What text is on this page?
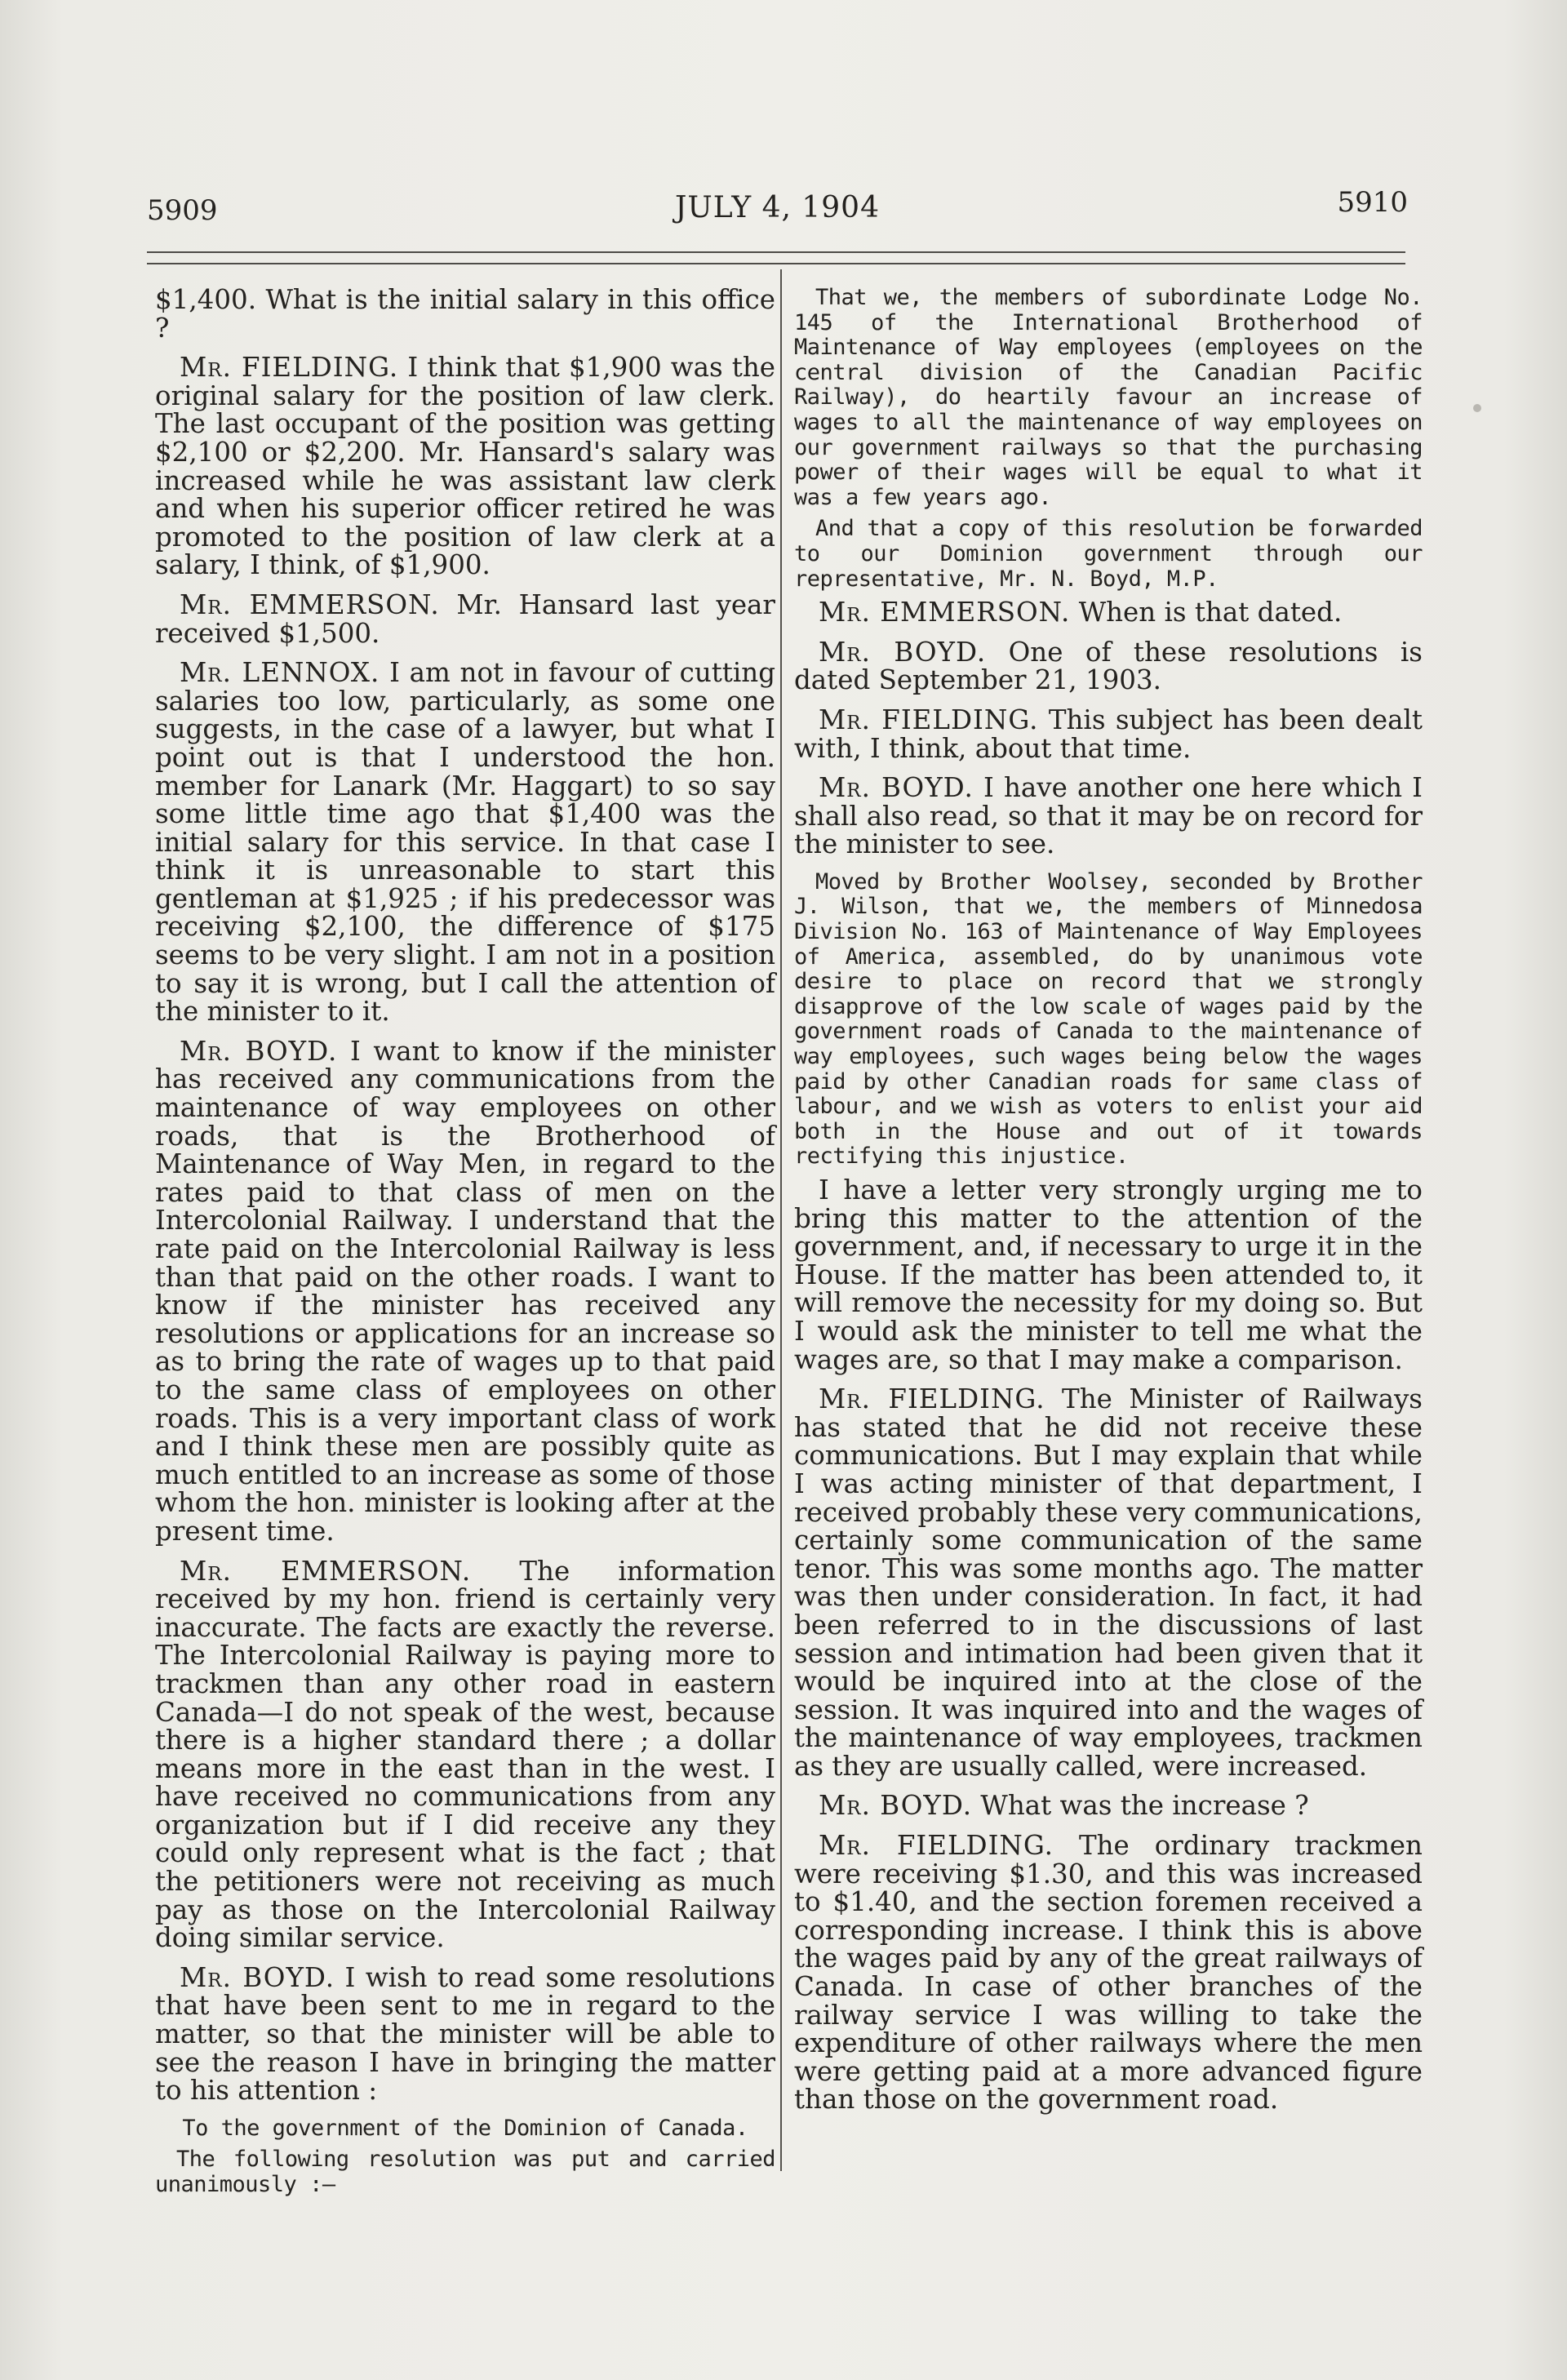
5909	JULY 4, 1904	5910
$1,400. What is the initial salary in this office ?
Mr. FIELDING. I think that $1,900 was the original salary for the position of law clerk. The last occupant of the position was getting $2,100 or $2,200. Mr. Hansard's salary was increased while he was assistant law clerk and when his superior officer retired he was promoted to the position of law clerk at a salary, I think, of $1,900.
Mr. EMMERSON. Mr. Hansard last year received $1,500.
Mr. LENNOX. I am not in favour of cutting salaries too low, particularly, as some one suggests, in the case of a lawyer, but what I point out is that I understood the hon. member for Lanark (Mr. Haggart) to so say some little time ago that $1,400 was the initial salary for this service. In that case I think it is unreasonable to start this gentleman at $1,925 ; if his predecessor was receiving $2,100, the difference of $175 seems to be very slight. I am not in a position to say it is wrong, but I call the attention of the minister to it.
Mr. BOYD. I want to know if the minister has received any communications from the maintenance of way employees on other roads, that is the Brotherhood of Maintenance of Way Men, in regard to the rates paid to that class of men on the Intercolonial Railway. I understand that the rate paid on the Intercolonial Railway is less than that paid on the other roads. I want to know if the minister has received any resolutions or applications for an increase so as to bring the rate of wages up to that paid to the same class of employees on other roads. This is a very important class of work and I think these men are possibly quite as much entitled to an increase as some of those whom the hon. minister is looking after at the present time.
Mr. EMMERSON. The information received by my hon. friend is certainly very inaccurate. The facts are exactly the reverse. The Intercolonial Railway is paying more to trackmen than any other road in eastern Canada—I do not speak of the west, because there is a higher standard there ; a dollar means more in the east than in the west. I have received no communications from any organization but if I did receive any they could only represent what is the fact ; that the petitioners were not receiving as much pay as those on the Intercolonial Railway doing similar service.
Mr. BOYD. I wish to read some resolutions that have been sent to me in regard to the matter, so that the minister will be able to see the reason I have in bringing the matter to his attention :
To the government of the Dominion of Canada.
The following resolution was put and carried unanimously :—
That we, the members of subordinate Lodge No. 145 of the International Brotherhood of Maintenance of Way employees (employees on the central division of the Canadian Pacific Railway), do heartily favour an increase of wages to all the maintenance of way employees on our government railways so that the purchasing power of their wages will be equal to what it was a few years ago.
And that a copy of this resolution be forwarded to our Dominion government through our representative, Mr. N. Boyd, M.P.
Mr. EMMERSON. When is that dated.
Mr. BOYD. One of these resolutions is dated September 21, 1903.
Mr. FIELDING. This subject has been dealt with, I think, about that time.
Mr. BOYD. I have another one here which I shall also read, so that it may be on record for the minister to see.
Moved by Brother Woolsey, seconded by Brother J. Wilson, that we, the members of Minnedosa Division No. 163 of Maintenance of Way Employees of America, assembled, do by unanimous vote desire to place on record that we strongly disapprove of the low scale of wages paid by the government roads of Canada to the maintenance of way employees, such wages being below the wages paid by other Canadian roads for same class of labour, and we wish as voters to enlist your aid both in the House and out of it towards rectifying this injustice.
I have a letter very strongly urging me to bring this matter to the attention of the government, and, if necessary to urge it in the House. If the matter has been attended to, it will remove the necessity for my doing so. But I would ask the minister to tell me what the wages are, so that I may make a comparison.
Mr. FIELDING. The Minister of Railways has stated that he did not receive these communications. But I may explain that while I was acting minister of that department, I received probably these very communications, certainly some communication of the same tenor. This was some months ago. The matter was then under consideration. In fact, it had been referred to in the discussions of last session and intimation had been given that it would be inquired into at the close of the session. It was inquired into and the wages of the maintenance of way employees, trackmen as they are usually called, were increased.
Mr. BOYD. What was the increase ?
Mr. FIELDING. The ordinary trackmen were receiving $1.30, and this was increased to $1.40, and the section foremen received a corresponding increase. I think this is above the wages paid by any of the great railways of Canada. In case of other branches of the railway service I was willing to take the expenditure of other railways where the men were getting paid at a more advanced figure than those on the government road.
